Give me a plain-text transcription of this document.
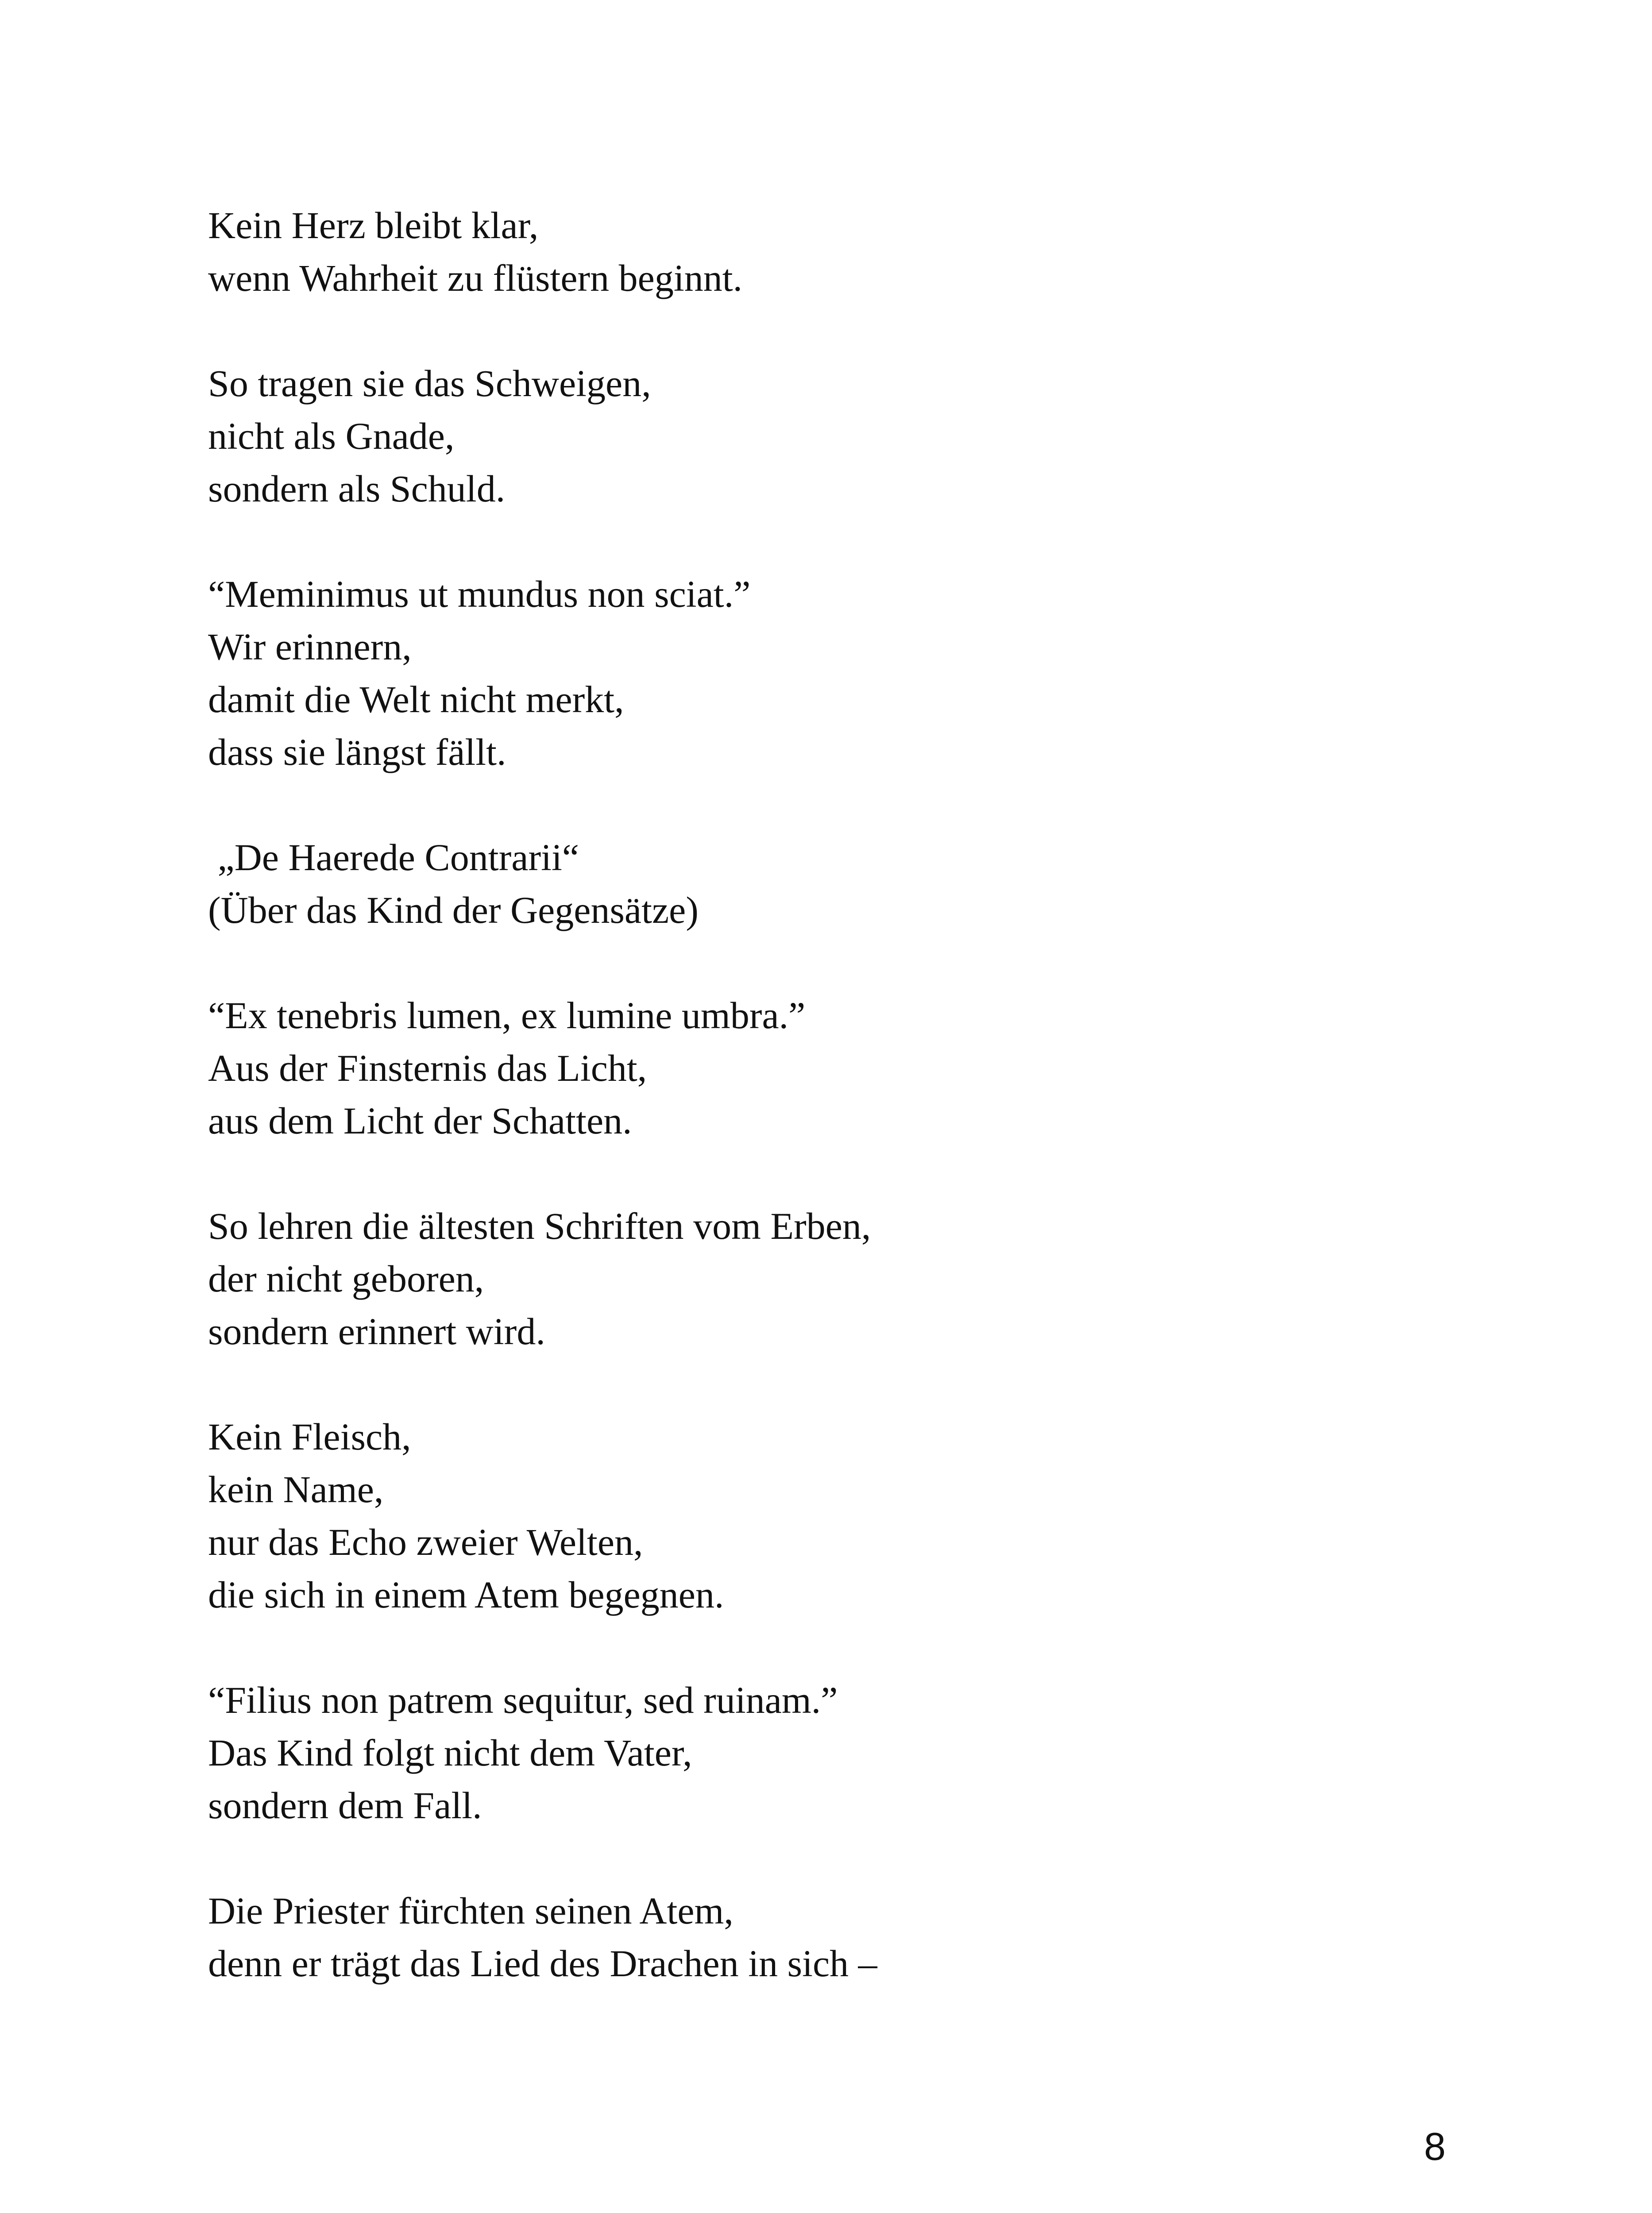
Kein Herz bleibt klar,
wenn Wahrheit zu flüstern beginnt.
So tragen sie das Schweigen,
nicht als Gnade,
sondern als Schuld.
“Meminimus ut mundus non sciat.”
Wir erinnern,
damit die Welt nicht merkt,
dass sie längst fällt.
„De Haerede Contrarii“
(Über das Kind der Gegensätze)
“Ex tenebris lumen, ex lumine umbra.”
Aus der Finsternis das Licht,
aus dem Licht der Schatten.
So lehren die ältesten Schriften vom Erben,
der nicht geboren,
sondern erinnert wird.
Kein Fleisch,
kein Name,
nur das Echo zweier Welten,
die sich in einem Atem begegnen.
“Filius non patrem sequitur, sed ruinam.”
Das Kind folgt nicht dem Vater,
sondern dem Fall.
Die Priester fürchten seinen Atem,
denn er trägt das Lied des Drachen in sich –
8
